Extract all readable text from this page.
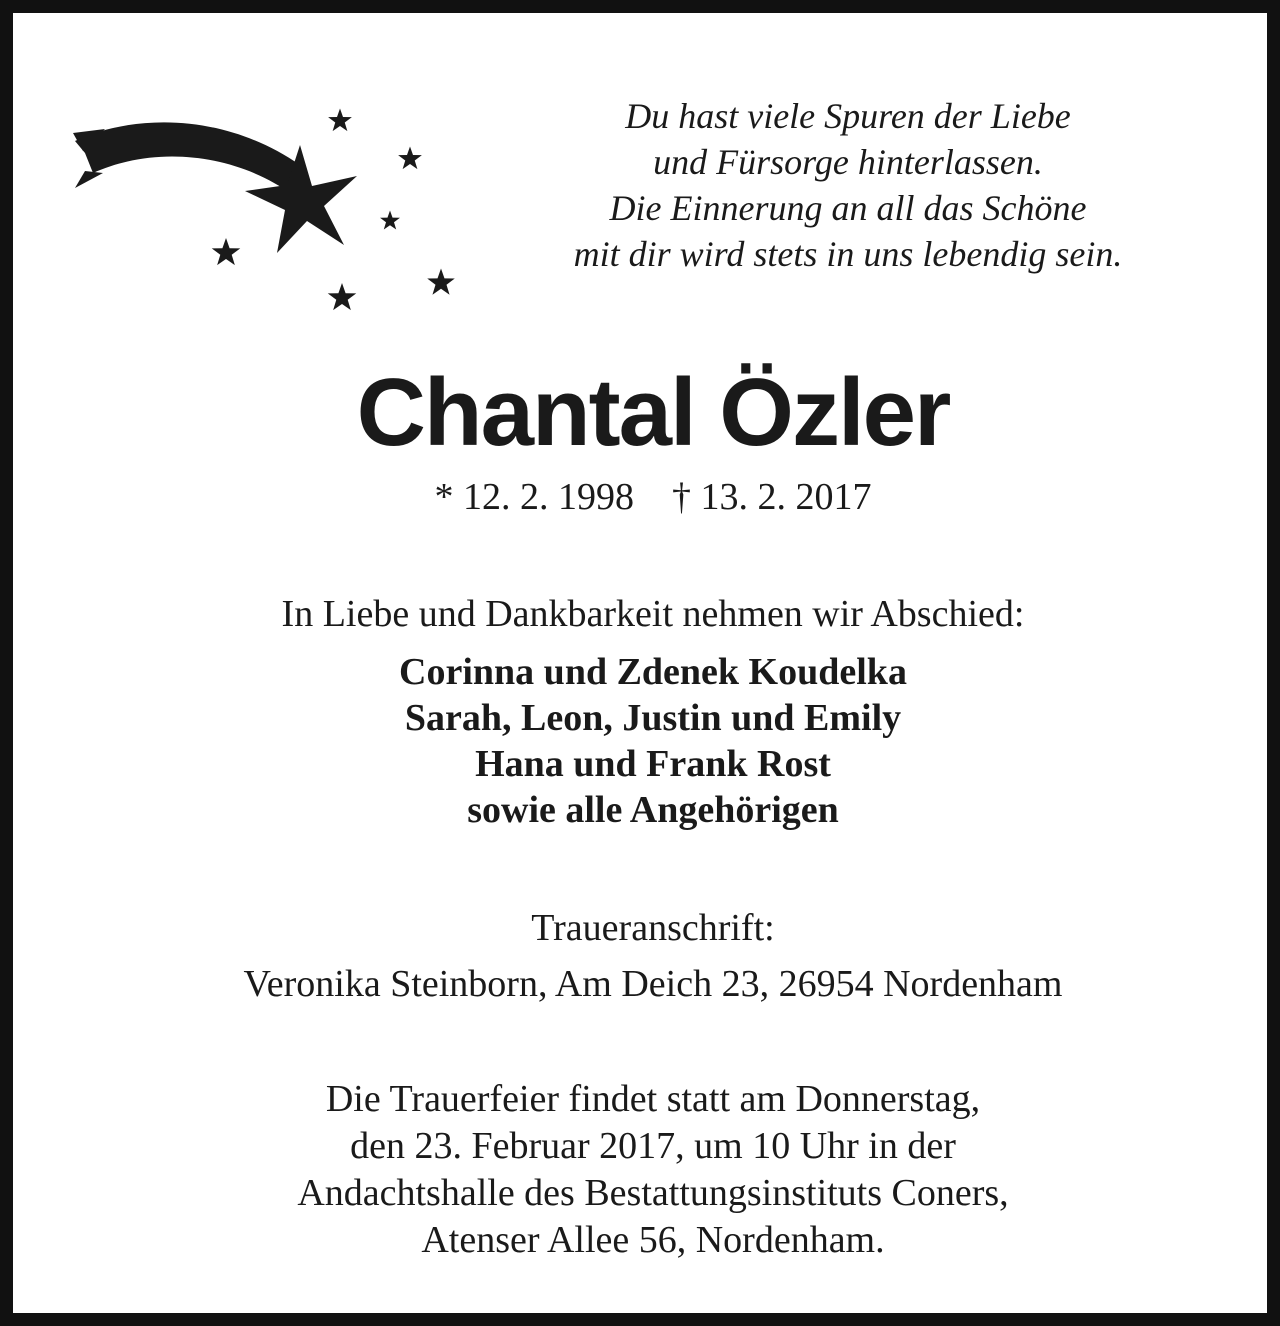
Du hast viele Spuren der Liebe
und Fürsorge hinterlassen.
Die Einnerung an all das Schöne
mit dir wird stets in uns lebendig sein.
Chantal Özler
* 12. 2. 1998    † 13. 2. 2017
In Liebe und Dankbarkeit nehmen wir Abschied:
Corinna und Zdenek Koudelka
Sarah, Leon, Justin und Emily
Hana und Frank Rost
sowie alle Angehörigen
Traueranschrift:
Veronika Steinborn, Am Deich 23, 26954 Nordenham
Die Trauerfeier findet statt am Donnerstag,
den 23. Februar 2017, um 10 Uhr in der
Andachtshalle des Bestattungsinstituts Coners,
Atenser Allee 56, Nordenham.
